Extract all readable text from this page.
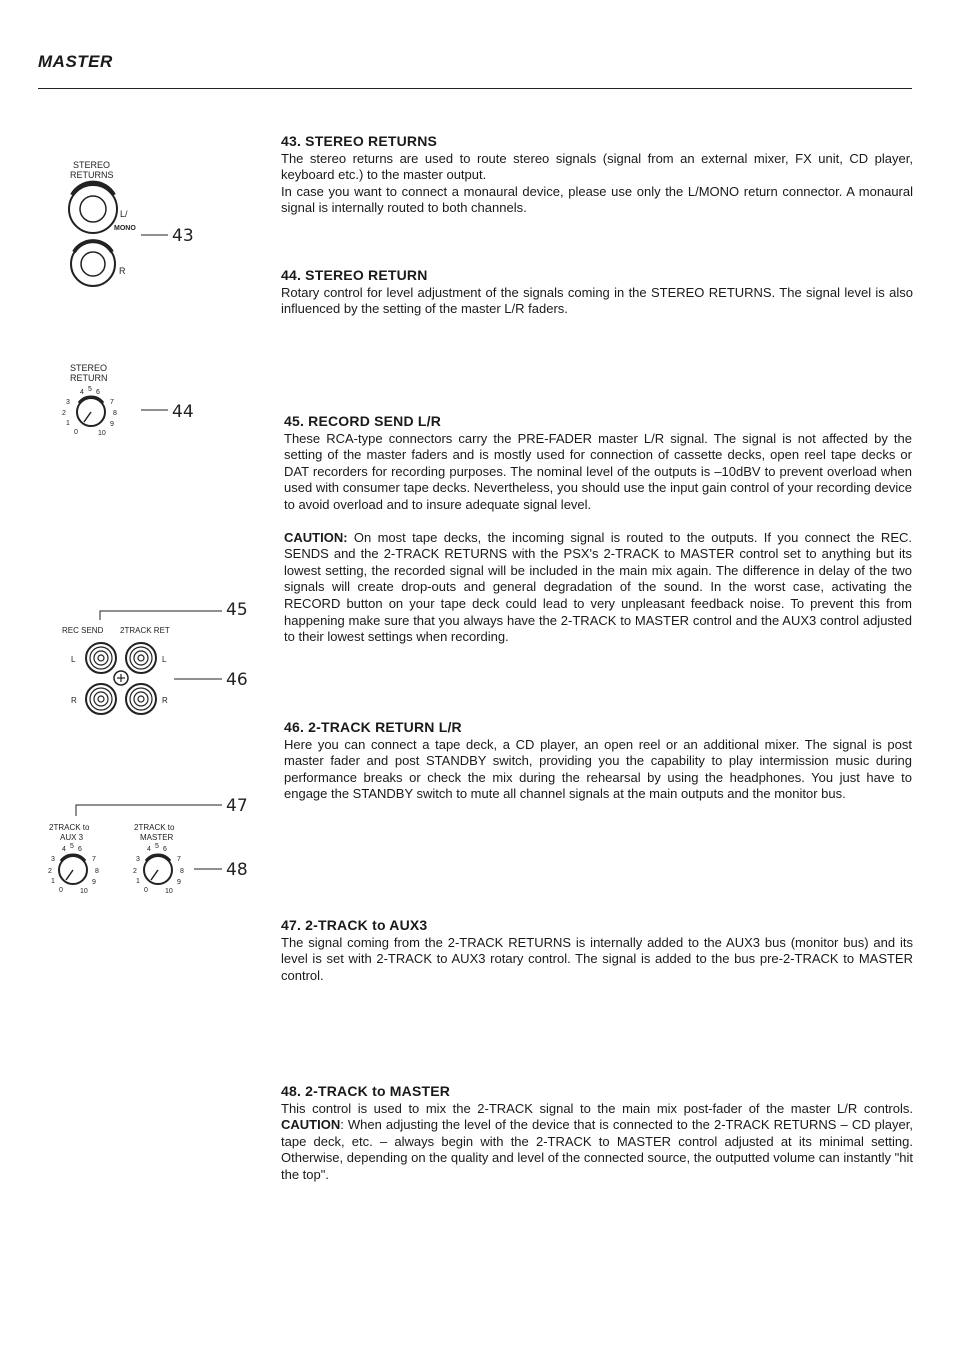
MASTER
STEREO
RETURNS
L/
MONO 43
R
STEREO
RETURN
0
1
2
3
4 5 6
7
8
9
10
44
45
REC SEND 2TRACK RET
L	L
46
R	R
47
2TRACK to
AUX 3
2TRACK to
MASTER
0
1
2
3
4 5 6
7
8
9
10	0
1
2
3
4 5 6
7
8
9
10
48
43. STEREO RETURNS

The stereo returns are used to route stereo signals (signal from an external mixer, FX unit, CD player, keyboard etc.) to the master output.

In case you want to connect a monaural device, please use only the L/MONO return connector. A monaural signal is internally routed to both channels.

44. STEREO RETURN

Rotary control for level adjustment of the signals coming in the STEREO RETURNS. The signal level is also influenced by the setting of the master L/R faders.

45. RECORD SEND L/R

These RCA-type connectors carry the PRE-FADER master L/R signal. The signal is not affected by the setting of the master faders and is mostly used for connection of cassette decks, open reel tape decks or DAT recorders for recording purposes. The nominal level of the outputs is –10dBV to prevent overload when used with consumer tape decks. Nevertheless, you should use the input gain control of your recording device to avoid overload and to insure adequate signal level.

CAUTION: On most tape decks, the incoming signal is routed to the outputs. If you connect the REC. SENDS and the 2-TRACK RETURNS with the PSX's 2-TRACK to MASTER control set to anything but its lowest setting, the recorded signal will be included in the main mix again. The difference in delay of the two signals will create drop-outs and general degradation of the sound. In the worst case, activating the RECORD button on your tape deck could lead to very unpleasant feedback noise. To prevent this from happening make sure that you always have the 2-TRACK to MASTER control and the AUX3 control adjusted to their lowest settings when recording.

46. 2-TRACK RETURN L/R

Here you can connect a tape deck, a CD player, an open reel or an additional mixer. The signal is post master fader and post STANDBY switch, providing you the capability to play intermission music during performance breaks or check the mix during the rehearsal by using the headphones. You just have to engage the STANDBY switch to mute all channel signals at the main outputs and the monitor bus.

47. 2-TRACK to AUX3

The signal coming from the 2-TRACK RETURNS is internally added to the AUX3 bus (monitor bus) and its level is set with 2-TRACK to AUX3 rotary control. The signal is added to the bus pre-2-TRACK to MASTER control.

48. 2-TRACK to MASTER

This control is used to mix the 2-TRACK signal to the main mix post-fader of the master L/R controls. CAUTION: When adjusting the level of the device that is connected to the 2-TRACK RETURNS – CD player, tape deck, etc. – always begin with the 2-TRACK to MASTER control adjusted at its minimal setting. Otherwise, depending on the quality and level of the connected source, the outputted volume can instantly "hit the top".
